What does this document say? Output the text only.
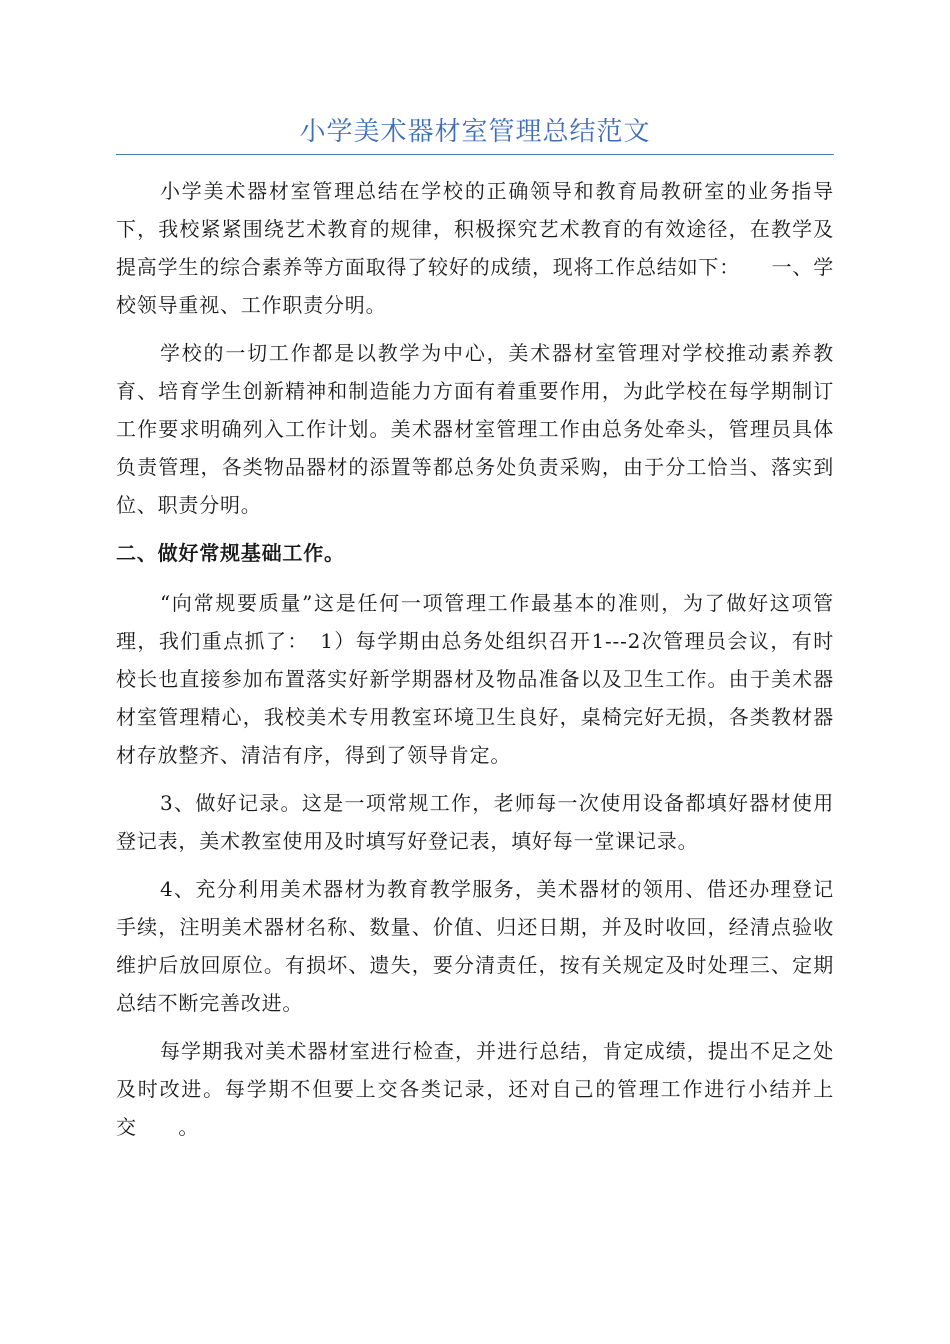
小学美术器材室管理总结范文

小学美术器材室管理总结在学校的正确领导和教育局教研室的业务指导下，我校紧紧围绕艺术教育的规律，积极探究艺术教育的有效途径，在教学及提高学生的综合素养等方面取得了较好的成绩，现将工作总结如下：　　一、学校领导重视、工作职责分明。

学校的一切工作都是以教学为中心，美术器材室管理对学校推动素养教育、培育学生创新精神和制造能力方面有着重要作用，为此学校在每学期制订工作要求明确列入工作计划。美术器材室管理工作由总务处牵头，管理员具体负责管理，各类物品器材的添置等都总务处负责采购，由于分工恰当、落实到位、职责分明。

二、做好常规基础工作。

“向常规要质量”这是任何一项管理工作最基本的准则，为了做好这项管理，我们重点抓了：　1）每学期由总务处组织召开1---2次管理员会议，有时校长也直接参加布置落实好新学期器材及物品准备以及卫生工作。由于美术器材室管理精心，我校美术专用教室环境卫生良好，桌椅完好无损，各类教材器材存放整齐、清洁有序，得到了领导肯定。

3、做好记录。这是一项常规工作，老师每一次使用设备都填好器材使用登记表，美术教室使用及时填写好登记表，填好每一堂课记录。

4、充分利用美术器材为教育教学服务，美术器材的领用、借还办理登记手续，注明美术器材名称、数量、价值、归还日期，并及时收回，经清点验收维护后放回原位。有损坏、遗失，要分清责任，按有关规定及时处理三、定期总结不断完善改进。

每学期我对美术器材室进行检查，并进行总结，肯定成绩，提出不足之处及时改进。每学期不但要上交各类记录，还对自己的管理工作进行小结并上交　　。
